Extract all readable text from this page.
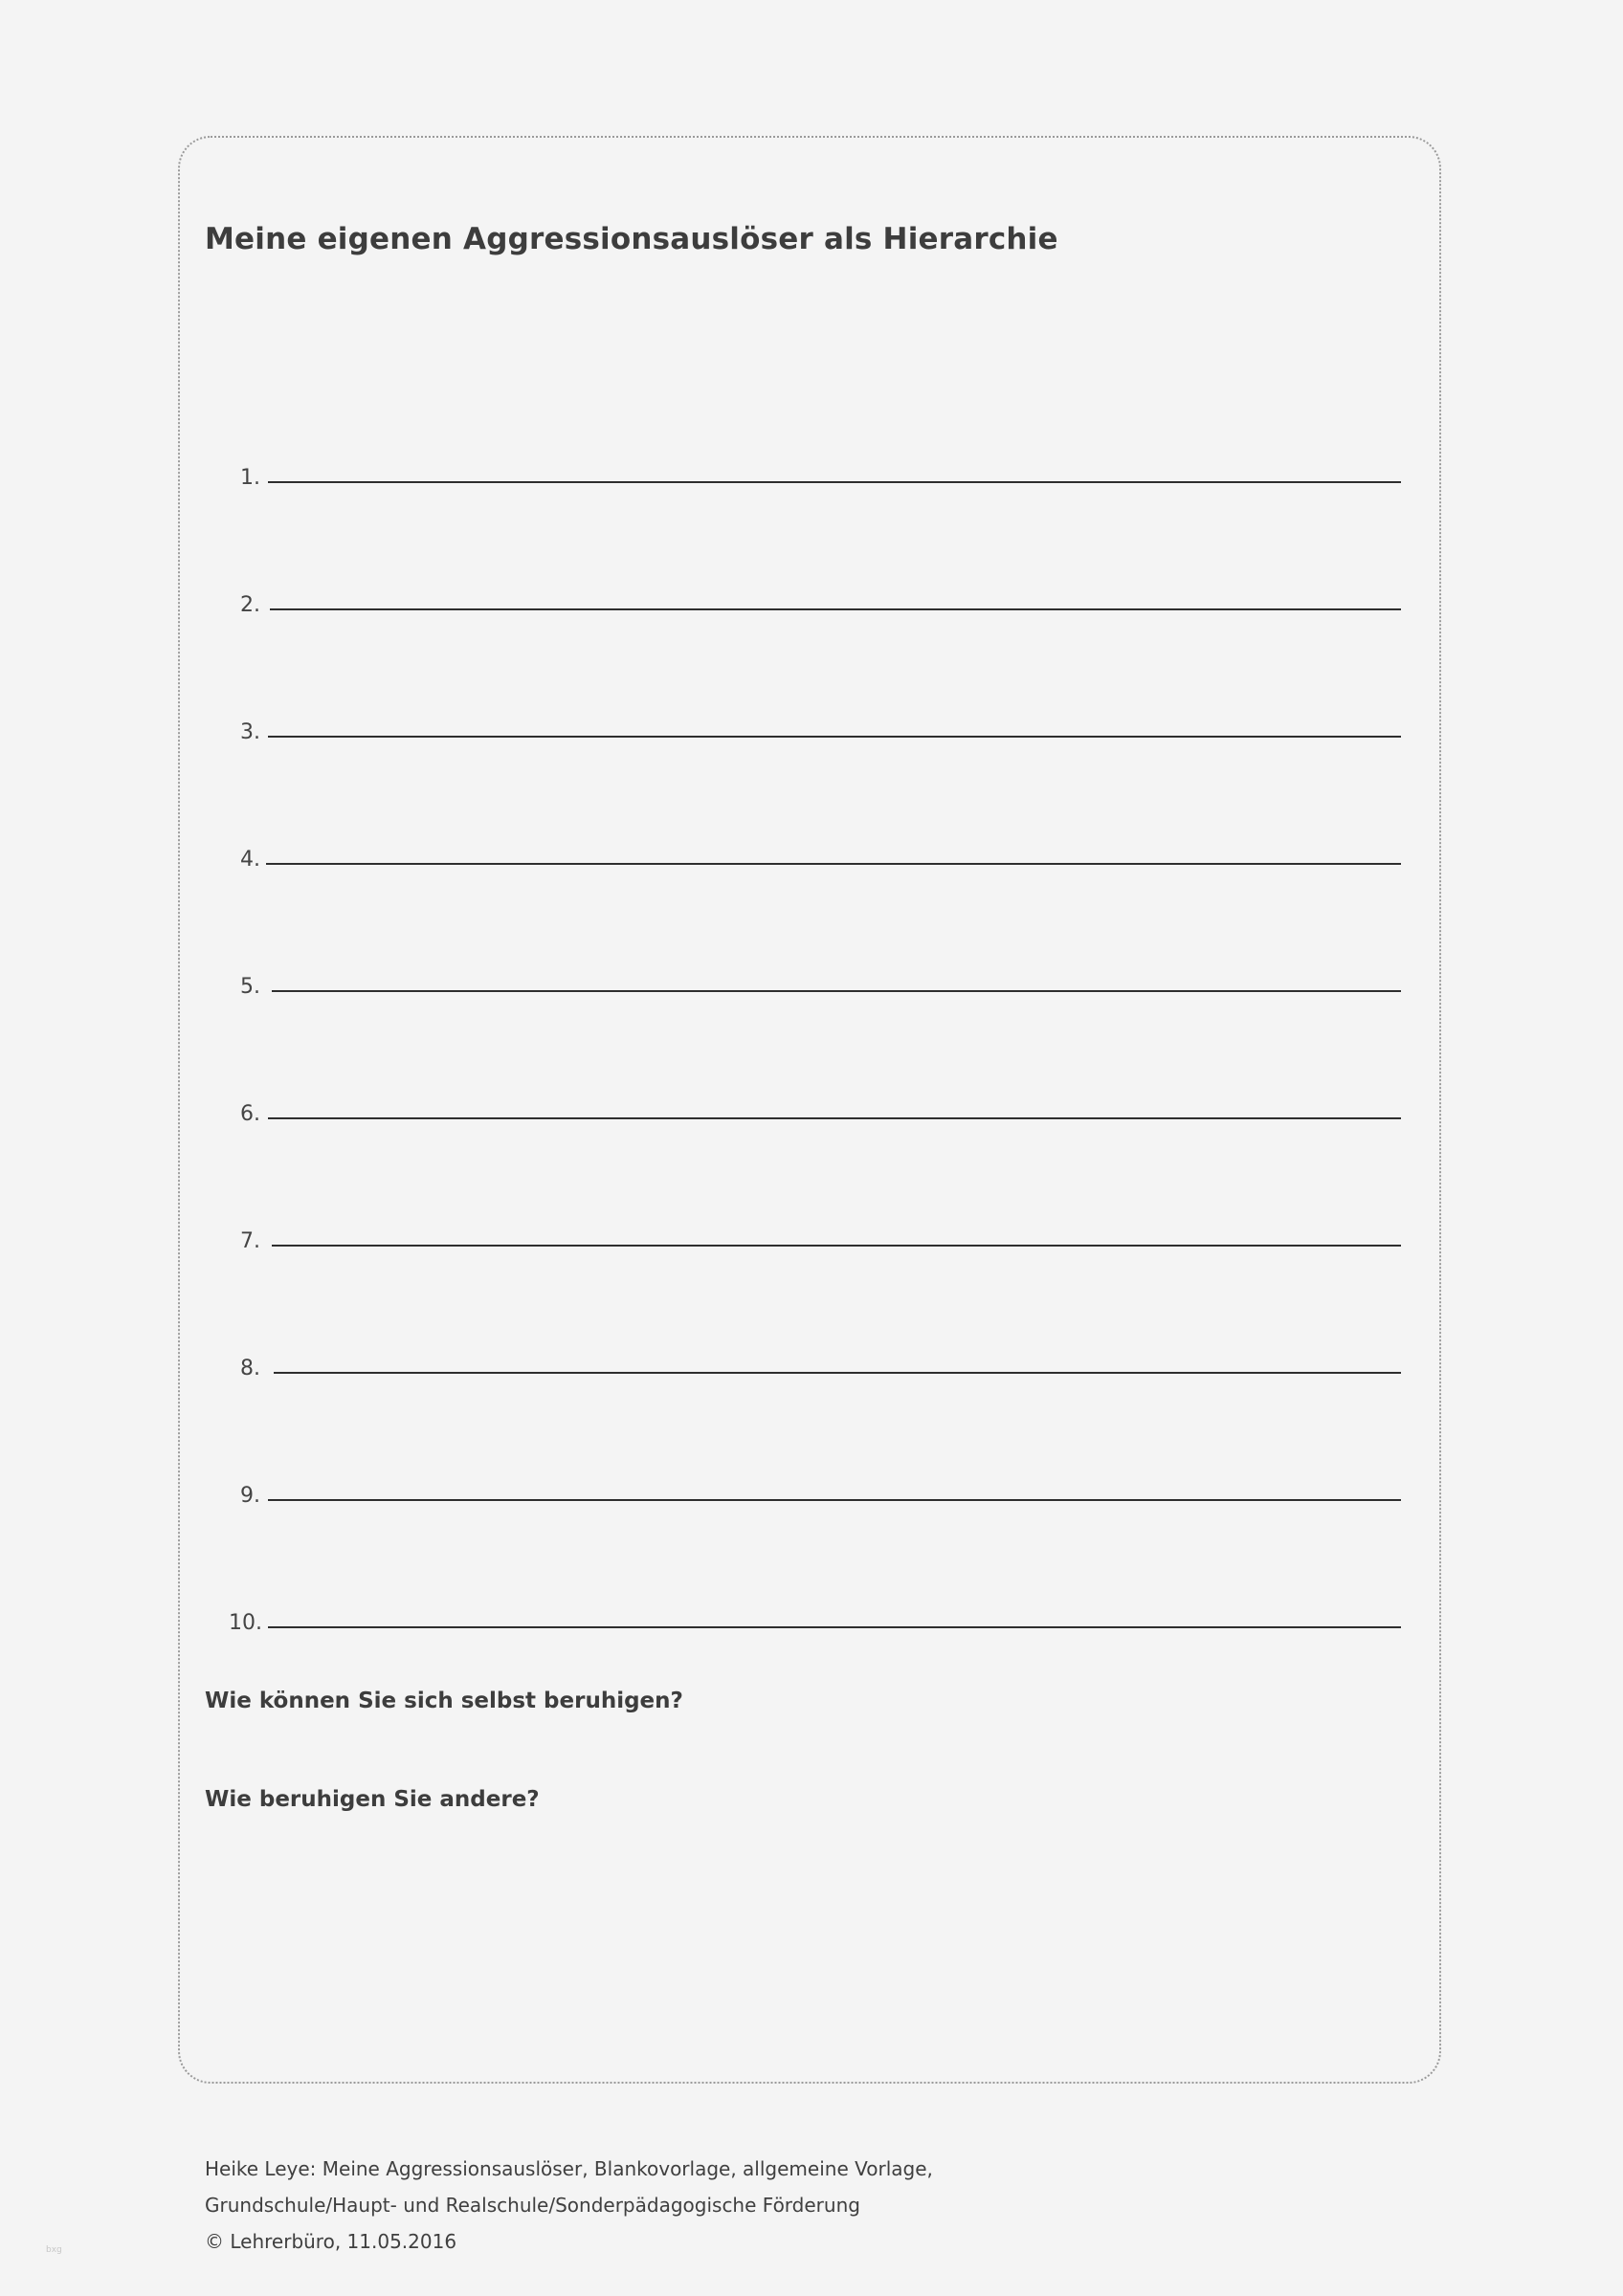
Meine eigenen Aggressionsauslöser als Hierarchie
1.
2.
3.
4.
5.
6.
7.
8.
9.
10.
Wie können Sie sich selbst beruhigen?
Wie beruhigen Sie andere?
Heike Leye: Meine Aggressionsauslöser, Blankovorlage, allgemeine Vorlage,
Grundschule/Haupt- und Realschule/Sonderpädagogische Förderung
© Lehrerbüro, 11.05.2016
bxg
